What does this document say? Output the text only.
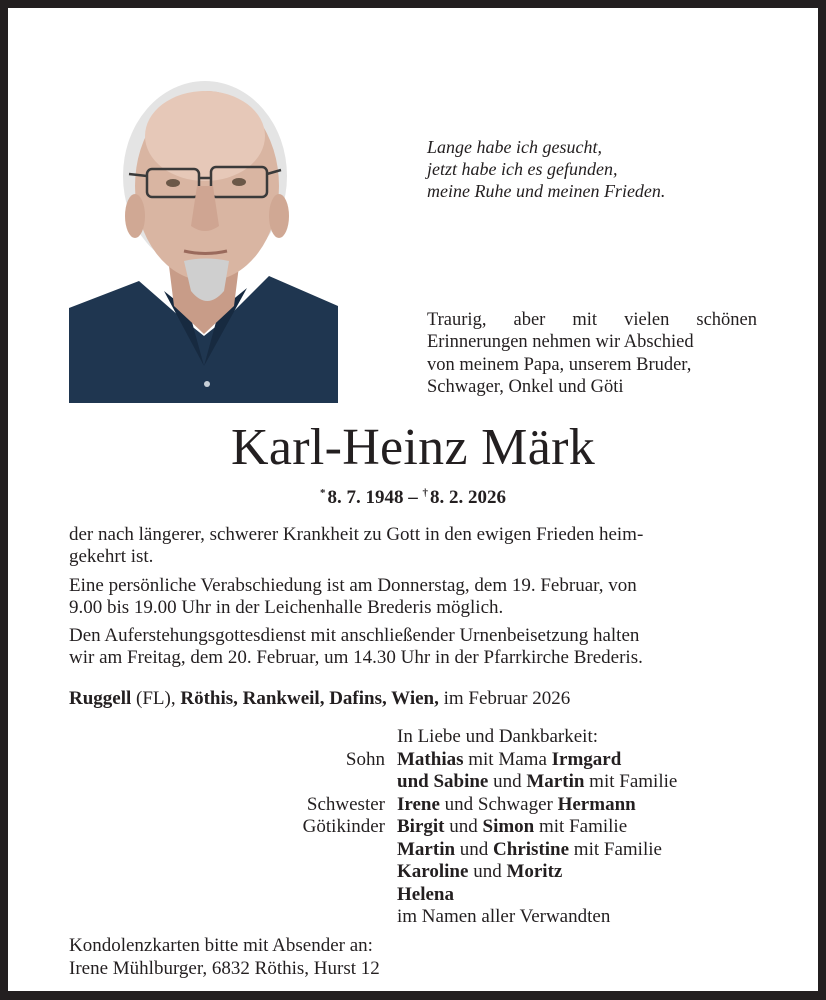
Lange habe ich gesucht,
jetzt habe ich es gefunden,
meine Ruhe und meinen Frieden.
Traurig, aber mit vielen schönen
Erinnerungen nehmen wir Abschied
von meinem Papa, unserem Bruder,
Schwager, Onkel und Göti
Karl-Heinz Märk
* 8. 7. 1948 – † 8. 2. 2026

der nach längerer, schwerer Krankheit zu Gott in den ewigen Frieden heim-
gekehrt ist.

Eine persönliche Verabschiedung ist am Donnerstag, dem 19. Februar, von
9.00 bis 19.00 Uhr in der Leichenhalle Brederis möglich.

Den Auferstehungsgottesdienst mit anschließender Urnenbeisetzung halten
wir am Freitag, dem 20. Februar, um 14.30 Uhr in der Pfarrkirche Brederis.

Ruggell (FL), Röthis, Rankweil, Dafins, Wien, im Februar 2026
In Liebe und Dankbarkeit:
Sohn Mathias mit Mama Irmgard
und Sabine und Martin mit Familie
Schwester Irene und Schwager Hermann
Götikinder Birgit und Simon mit Familie
Martin und Christine mit Familie
Karoline und Moritz
Helena
im Namen aller Verwandten
Kondolenzkarten bitte mit Absender an:
Irene Mühlburger, 6832 Röthis, Hurst 12
